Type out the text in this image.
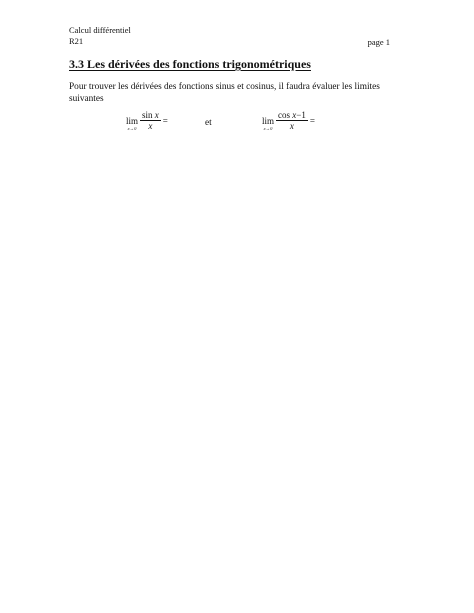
Calcul différentiel
R21	page 1
3.3 Les dérivées des fonctions trigonométriques
Pour trouver les dérivées des fonctions sinus et cosinus, il faudra évaluer les limites suivantes
lim
$x\to 0 \frac{\text{sin x}}{x}$ =	et	lim
$x\to 0 \frac{\text{cos x−1}}{x}$ =
